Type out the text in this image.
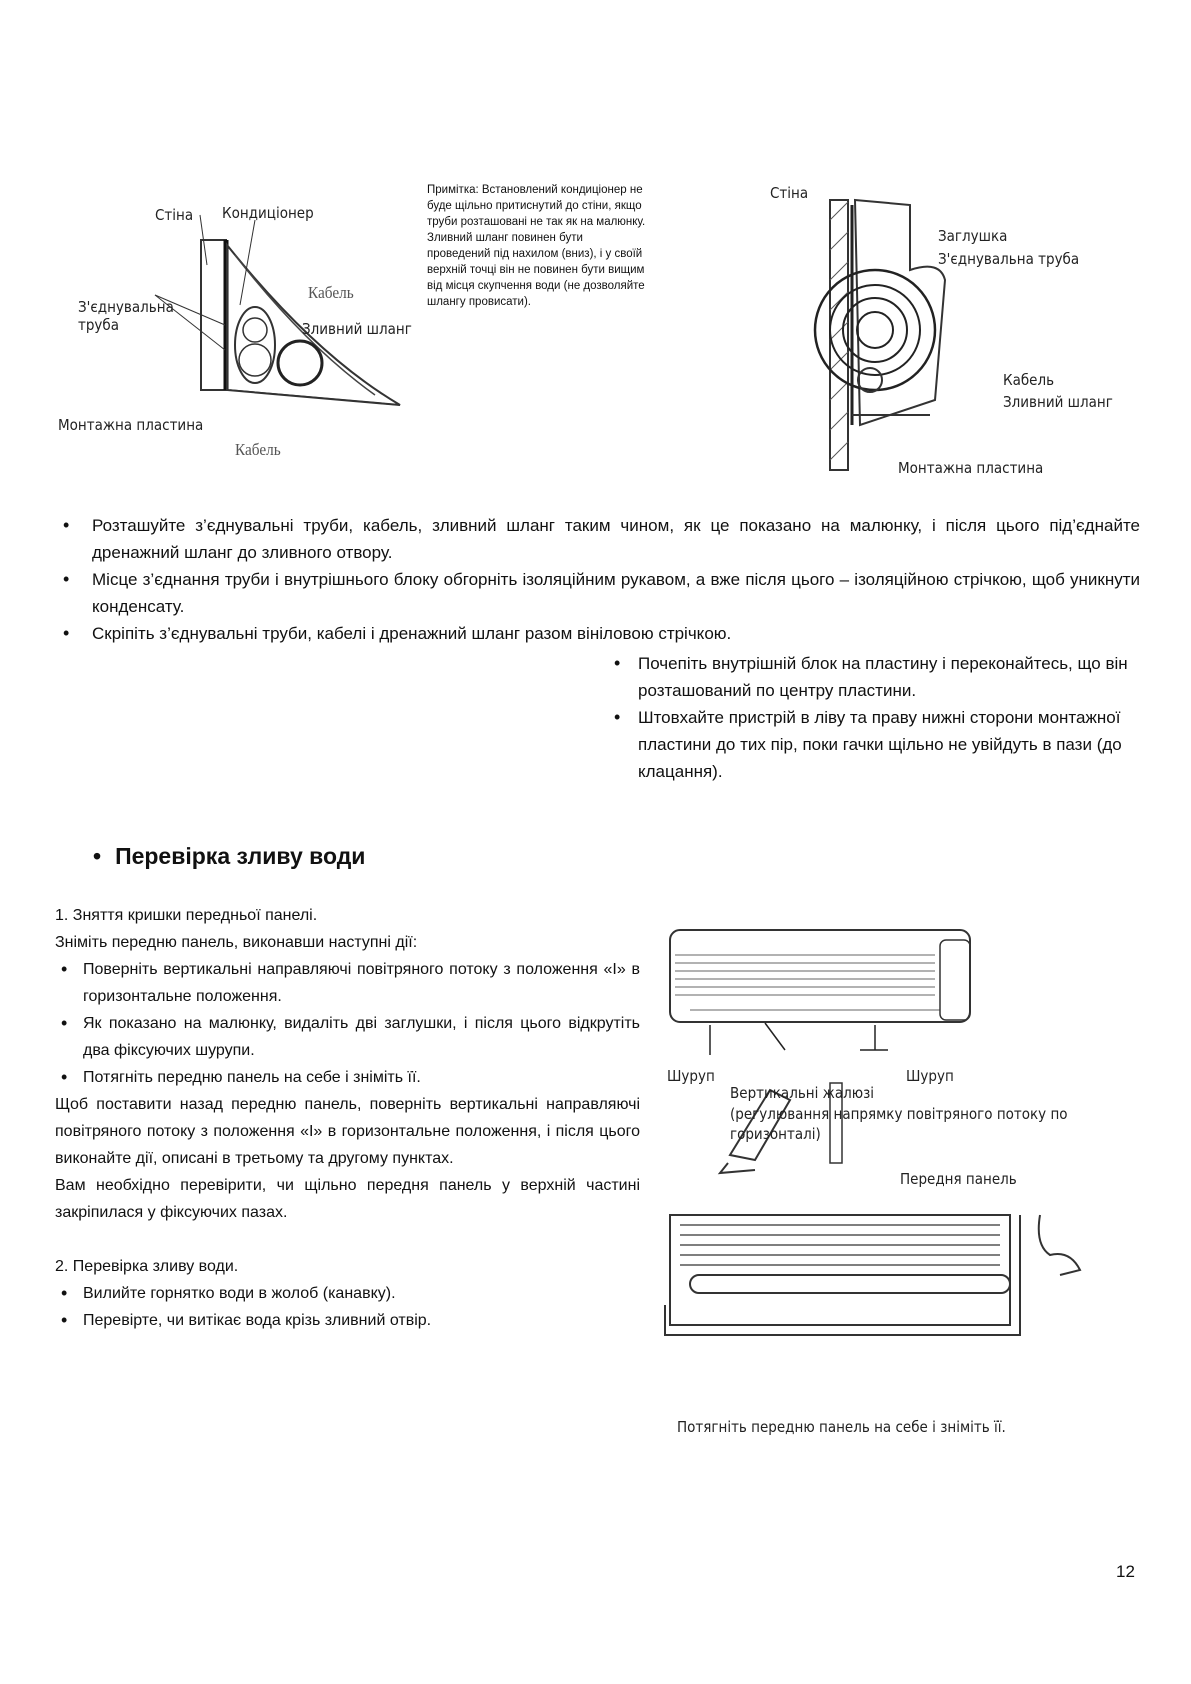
Стіна Кондиціонер
Кабель
З'єднувальна труба	Зливний шланг
Монтажна пластина
Кабель
Примітка: Встановлений кондиціонер не
буде щільно притиснутий до стіни, якщо
труби розташовані не так як на малюнку.
Зливний шланг повинен бути
проведений під нахилом (вниз), і у своїй
верхній точці він не повинен бути вищим
від місця скупчення води (не дозволяйте
шлангу провисати).
Стіна
Заглушка
З'єднувальна труба
Кабель
Зливний шланг
Монтажна пластина
• Розташуйте з’єднувальні труби, кабель, зливний шланг таким чином, як це показано на малюнку, і після цього під’єднайте дренажний шланг до зливного отвору.
• Місце з’єднання труби і внутрішнього блоку обгорніть ізоляційним рукавом, а вже після цього – ізоляційною стрічкою, щоб уникнути конденсату.
• Скріпіть з’єднувальні труби, кабелі і дренажний шланг разом вініловою стрічкою.
• Почепіть внутрішній блок на пластину і переконайтесь, що він розташований по центру пластини.
• Штовхайте пристрій в ліву та праву нижні сторони монтажної пластини до тих пір, поки гачки щільно не увійдуть в пази (до клацання).
• Перевірка зливу води
1. Зняття кришки передньої панелі.
Зніміть передню панель, виконавши наступні дії:
• Поверніть вертикальні направляючі повітряного потоку з положення «І» в горизонтальне положення.
• Як показано на малюнку, видаліть дві заглушки, і після цього відкрутіть два фіксуючих шурупи.
• Потягніть передню панель на себе і зніміть її.
Щоб поставити назад передню панель, поверніть вертикальні направляючі повітряного потоку з положення «І» в горизонтальне положення, і після цього виконайте дії, описані в третьому та другому пунктах.
Вам необхідно перевірити, чи щільно передня панель у верхній частині закріпилася у фіксуючих пазах.
2. Перевірка зливу води.
• Вилийте горнятко води в жолоб (канавку).
• Перевірте, чи витікає вода крізь зливний отвір.
Шуруп	Шуруп
Вертикальні жалюзі
(регулювання напрямку повітряного потоку по горизонталі)
Передня панель
Потягніть передню панель на себе і зніміть її.
12
